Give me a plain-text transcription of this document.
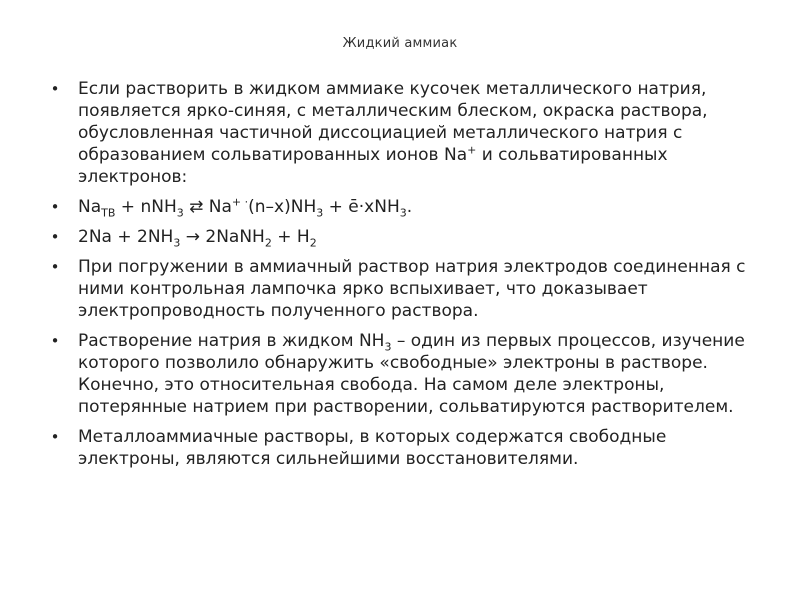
Жидкий аммиак
• Если растворить в жидком аммиаке кусочек металлического натрия, появляется ярко-синяя, с металлическим блеском, окраска раствора, обусловленная частичной диссоциацией металлического натрия с образованием сольватированных ионов Na+ и сольватированных электронов:
• $Na_{ТВ} + nNH_3$ ⇄ $Na^{+ \cdot}(n-x)NH_3$ + ē·xNH$_3$.
• $2Na + 2NH_3$ → 2NaNH$_2$ + $H_2$
• При погружении в аммиачный раствор натрия электродов соединенная с ними контрольная лампочка ярко вспыхивает, что доказывает электропроводность полученного раствора.
• Растворение натрия в жидком $NH_3$ – один из первых процессов, изучение которого позволило обнаружить «свободные» электроны в растворе. Конечно, это относительная свобода. На самом деле электроны, потерянные натрием при растворении, сольватируются растворителем.
• Металлоаммиачные растворы, в которых содержатся свободные электроны, являются сильнейшими восстановителями.
